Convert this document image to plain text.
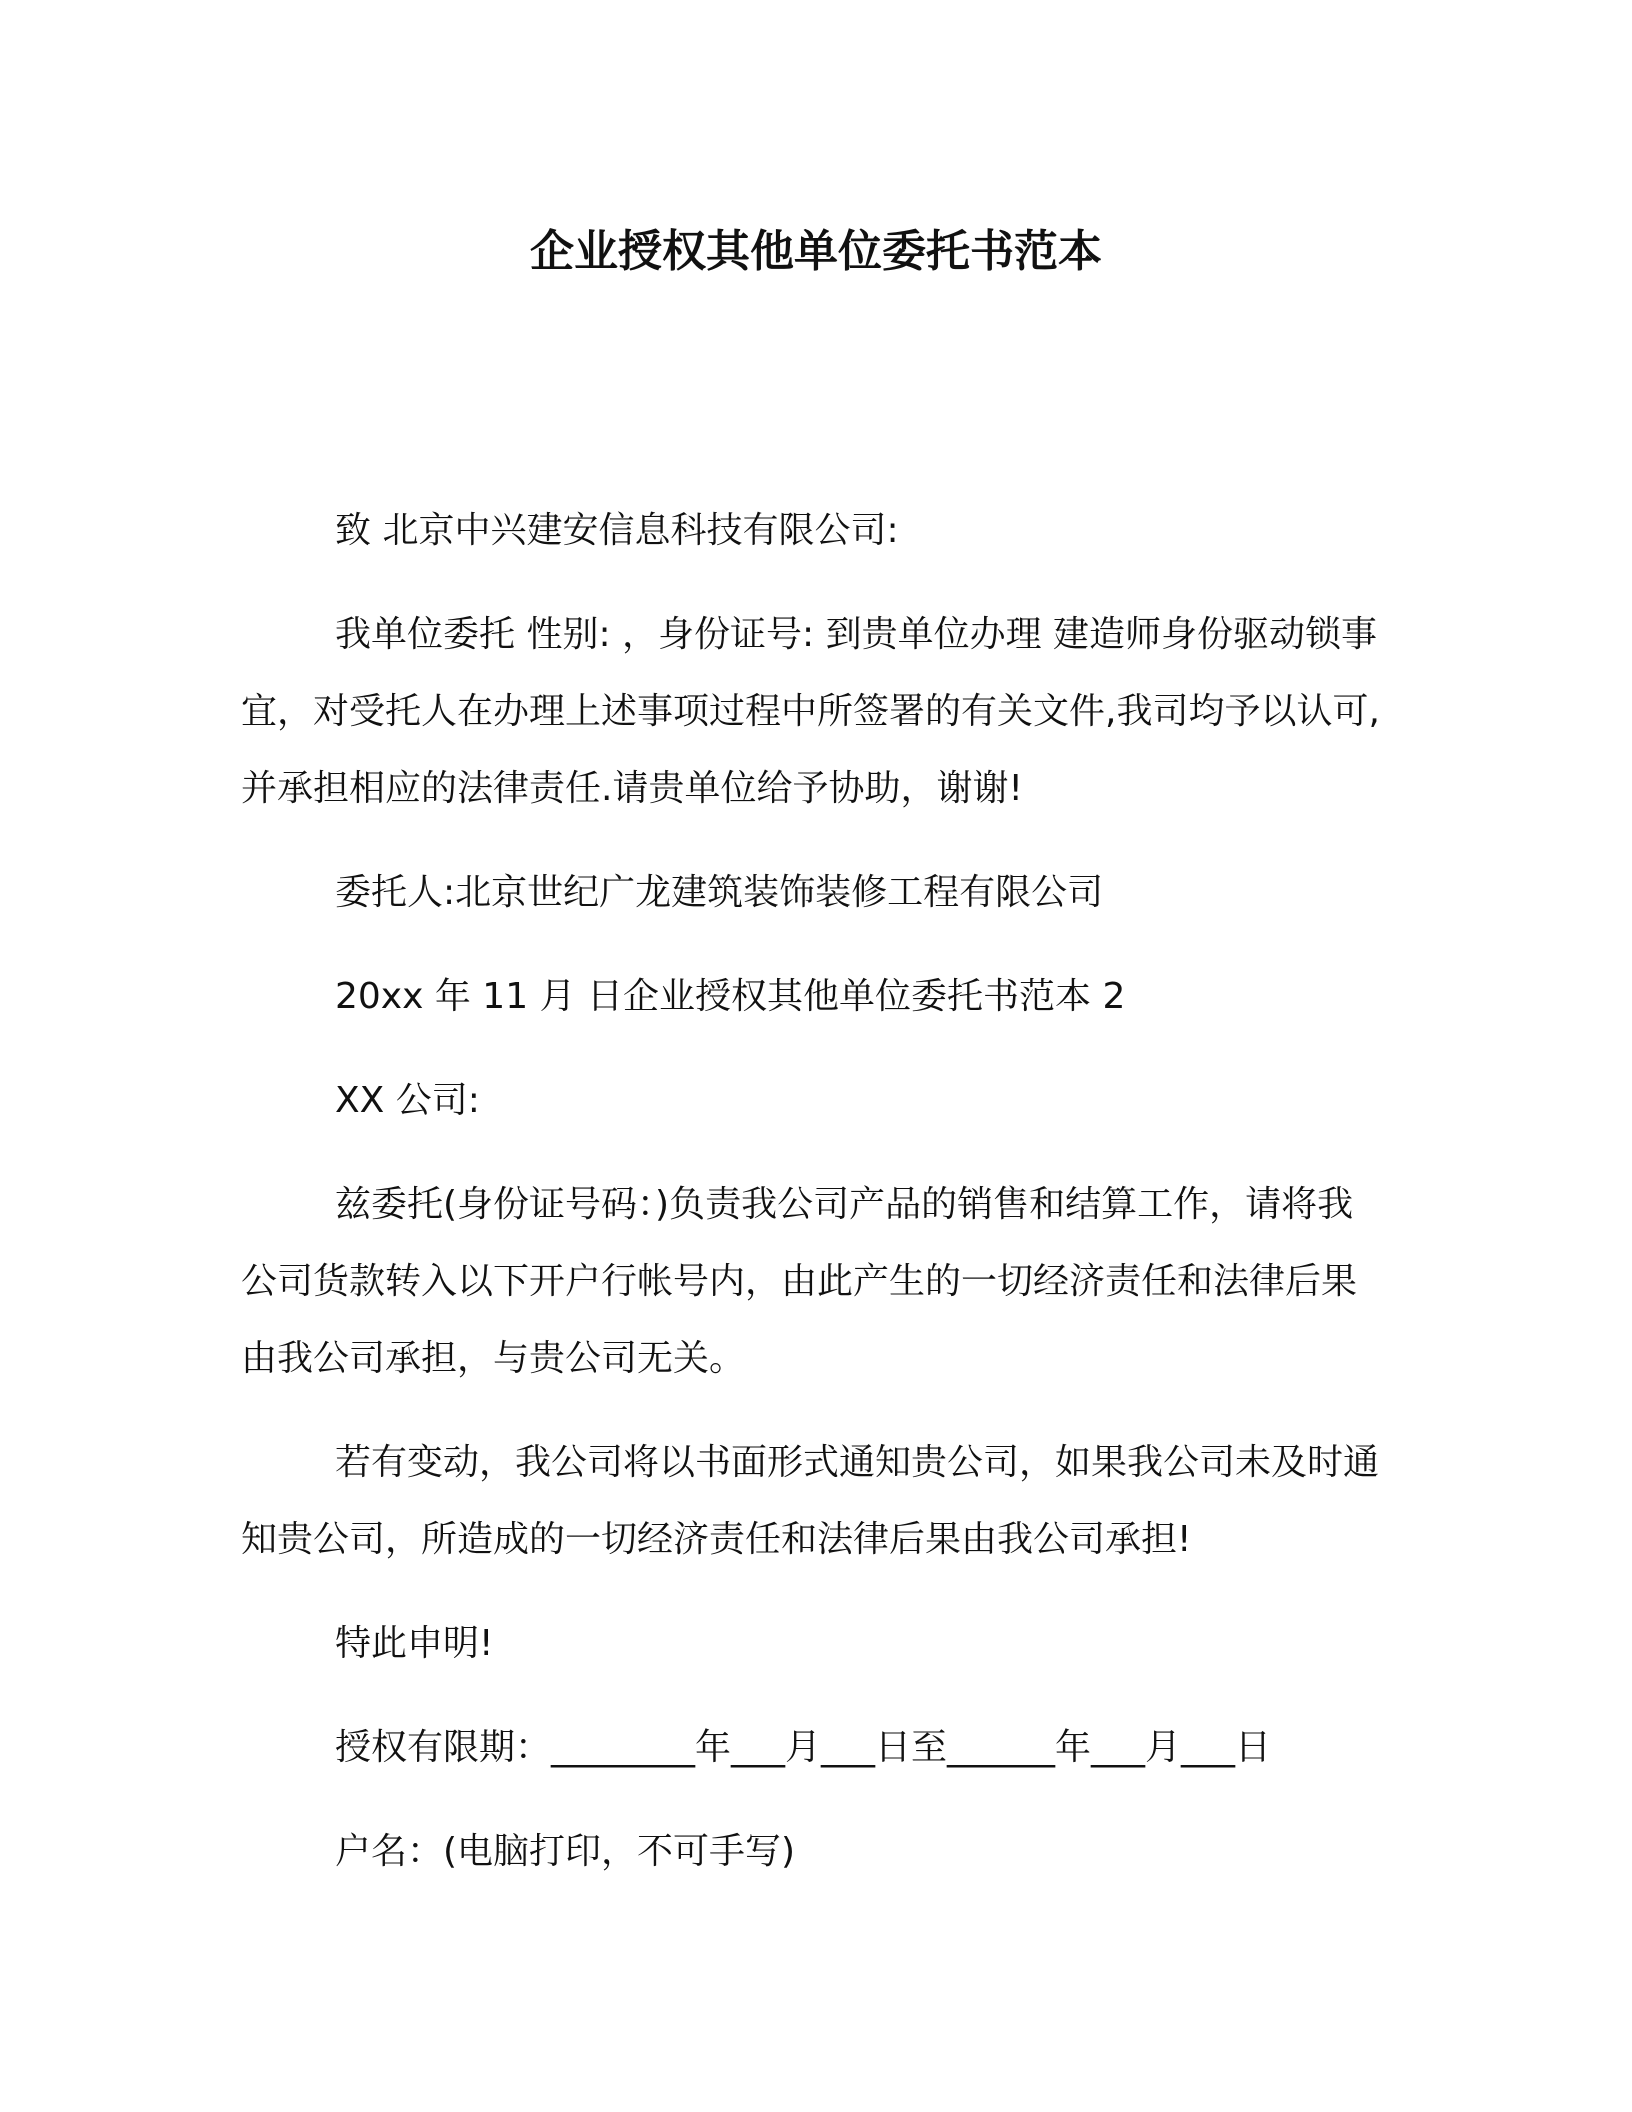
企业授权其他单位委托书范本

致 北京中兴建安信息科技有限公司:

我单位委托 性别: ，身份证号: 到贵单位办理 建造师身份驱动锁事宜，对受托人在办理上述事项过程中所签署的有关文件,我司均予以认可,并承担相应的法律责任.请贵单位给予协助，谢谢!

委托人:北京世纪广龙建筑装饰装修工程有限公司

20xx 年 11 月 日企业授权其他单位委托书范本 2

XX 公司:

兹委托(身份证号码：)负责我公司产品的销售和结算工作，请将我公司货款转入以下开户行帐号内，由此产生的一切经济责任和法律后果由我公司承担，与贵公司无关。

若有变动，我公司将以书面形式通知贵公司，如果我公司未及时通知贵公司，所造成的一切经济责任和法律后果由我公司承担!

特此申明!

授权有限期：________年___月___日至______年___月___日

户名：(电脑打印，不可手写)
